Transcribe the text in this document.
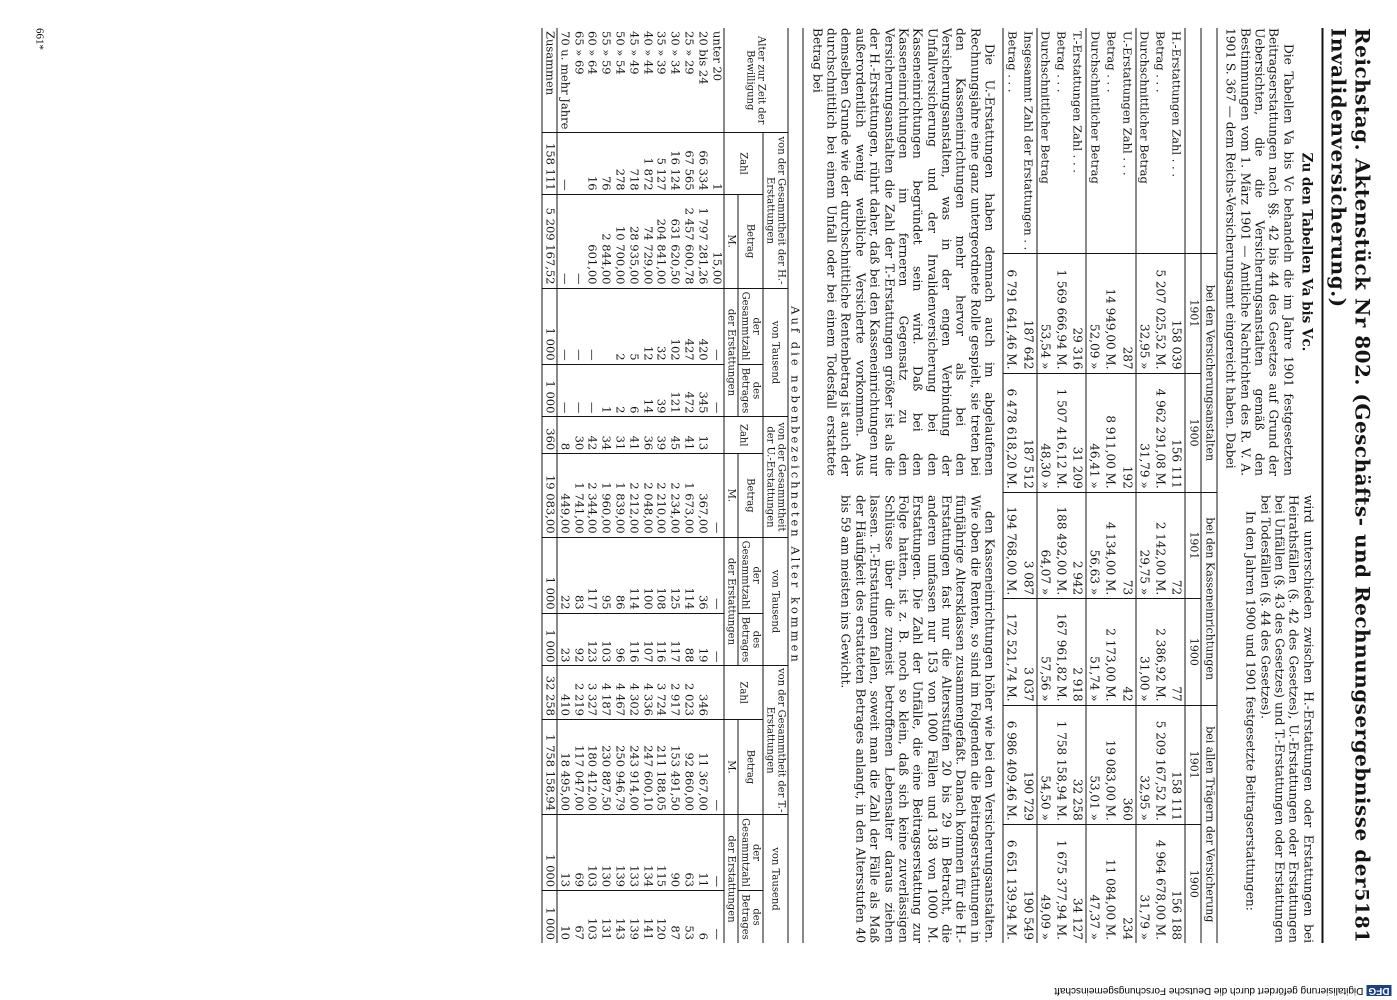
Reichstag. Aktenstück Nr 802. (Geschäfts- und Rechnungsergebnisse der Invalidenversicherung.)
5181
Zu den Tabellen Va bis Vc.

Die Tabellen Va bis Vc behandeln die im Jahre 1901 festgesetzten Beitragserstattungen nach §§. 42 bis 44 des Gesetzes auf Grund der Uebersichten, die die Versicherungsanstalten gemäß den Bestimmungen vom 1. März 1901 — Amtliche Nachrichten des R. V. A. 1901 S. 367 — dem Reichs-Versicherungsamt eingereicht haben. Dabei

wird unterschieden zwischen H.-Erstattungen oder Erstattungen bei Heirathsfällen (§. 42 des Gesetzes), U.-Erstattungen oder Erstattungen bei Unfällen (§. 43 des Gesetzes) und T.-Erstattungen oder Erstattungen bei Todesfällen (§. 44 des Gesetzes).

In den Jahren 1900 und 1901 festgesetzte Beitragserstattungen:

	bei den Versicherungsanstalten		bei den Kasseneinrichtungen		bei allen Trägern der Versicherung	
	1901	1900	1901	1900	1901	1900
H.-Erstattungen Zahl . . .	158 039	156 111	72	77	158 111	156 188
Betrag . . .	5 207 025,52 M.	4 962 291,08 M.	2 142,00 M.	2 386,92 M.	5 209 167,52 M.	4 964 678,00 M.
Durchschnittlicher Betrag	32,95 »	31,79 »	29,75 »	31,00 »	32,95 »	31,79 »
U.-Erstattungen Zahl . . .	287	192	73	42	360	234
Betrag . . .	14 949,00 M.	8 911,00 M.	4 134,00 M.	2 173,00 M.	19 083,00 M.	11 084,00 M.
Durchschnittlicher Betrag	52,09 »	46,41 »	56,63 »	51,74 »	53,01 »	47,37 »
T.-Erstattungen Zahl . . .	29 316	31 209	2 942	2 918	32 258	34 127
Betrag . . .	1 569 666,94 M.	1 507 416,12 M.	188 492,00 M.	167 961,82 M.	1 758 158,94 M.	1 675 377,94 M.
Durchschnittlicher Betrag	53,54 »	48,30 »	64,07 »	57,56 »	54,50 »	49,09 »
Insgesammt Zahl der Erstattungen . .	187 642	187 512	3 087	3 037	190 729	190 549
Betrag . . .	6 791 641,46 M.	6 478 618,20 M.	194 768,00 M.	172 521,74 M.	6 986 409,46 M.	6 651 139,94 M.

Die U.-Erstattungen haben demnach auch im abgelaufenen Rechnungsjahre eine ganz untergeordnete Rolle gespielt, sie treten bei den Kasseneinrichtungen mehr hervor als bei den Versicherungsanstalten, was in der engen Verbindung der Unfallversicherung und der Invalidenversicherung bei den Kasseneinrichtungen begründet sein wird. Daß bei den Kasseneinrichtungen im ferneren Gegensatz zu den Versicherungsanstalten die Zahl der T.-Erstattungen größer ist als die der H.-Erstattungen, rührt daher, daß bei den Kasseneinrichtungen nur außerordentlich wenig weibliche Versicherte vorkommen. Aus demselben Grunde wie der durchschnittliche Rentenbetrag ist auch der durchschnittlich bei einem Unfall oder bei einem Todesfall erstattete Betrag bei

den Kasseneinrichtungen höher wie bei den Versicherungsanstalten. Wie oben die Renten, so sind im Folgenden die Beitragserstattungen in fünfjährige Altersklassen zusammengefaßt. Danach kommen für die H.-Erstattungen fast nur die Altersstufen 20 bis 29 in Betracht, die anderen umfassen nur 153 von 1000 Fällen und 138 von 1000 M. Erstattungen. Die Zahl der Unfälle, die eine Beitragserstattung zur Folge hatten, ist z. B. noch so klein, daß sich keine zuverlässigen Schlüsse über die zumeist betroffenen Lebensalter daraus ziehen lassen. T.-Erstattungen fallen, soweit man die Zahl der Fälle als Maß der Häufigkeit des erstatteten Betrages anlangt, in den Altersstufen 40 bis 59 am meisten ins Gewicht.

Auf die nebenbezeichneten Alter kommen												
Alter zur Zeit der Bewilligung	von der Gesammtheit der H.-Erstattungen		von Tausend		von der Gesammtheit der U.-Erstattungen		von Tausend		von der Gesammtheit der T.-Erstattungen		von Tausend	
	Zahl	Betrag	der Gesammtzahl	des Betrages	Zahl	Betrag	der Gesammtzahl	des Betrages	Zahl	Betrag	der Gesammtzahl	des Betrages
		M.	der Erstattungen			M.	der Erstattungen			M.	der Erstattungen	
unter 20	1	15,00	—	—		—	—	—		—	—	—
20 bis 24	66 334	1 797 281,26	420	345	13	367,00	36	19	346	11 367,00	11	6
25 » 29	67 565	2 457 600,78	427	472	41	1 673,00	114	88	2 023	92 860,00	63	53
30 » 34	16 124	631 620,50	102	121	45	2 234,00	125	117	2 917	153 491,50	90	87
35 » 39	5 127	204 841,00	32	39	39	2 210,00	108	116	3 724	211 188,05	115	120
40 » 44	1 872	74 729,00	12	14	36	2 048,00	100	107	4 336	247 600,10	134	141
45 » 49	718	28 935,00	5	6	41	2 212,00	114	116	4 302	243 914,00	133	139
50 » 54	278	10 700,00	2	2	31	1 839,00	86	96	4 467	250 946,79	139	143
55 » 59	76	2 844,00		1	34	1 960,00	95	103	4 187	230 887,50	130	131
60 » 64	16	601,00	—	—	42	2 344,00	117	123	3 327	180 412,00	103	103
65 » 69		—	—	—	30	1 741,00	83	92	2 219	117 047,00	69	67
70 u. mehr Jahre	—	—	—	—	8	449,00	22	23	410	18 495,00	13	10
Zusammen	158 111	5 209 167,52	1 000	1 000	360	19 083,00	1 000	1 000	32 258	1 758 158,94	1 000	1 000
661*
DFGDigitalisierung gefördert durch die Deutsche Forschungsgemeinschaft
